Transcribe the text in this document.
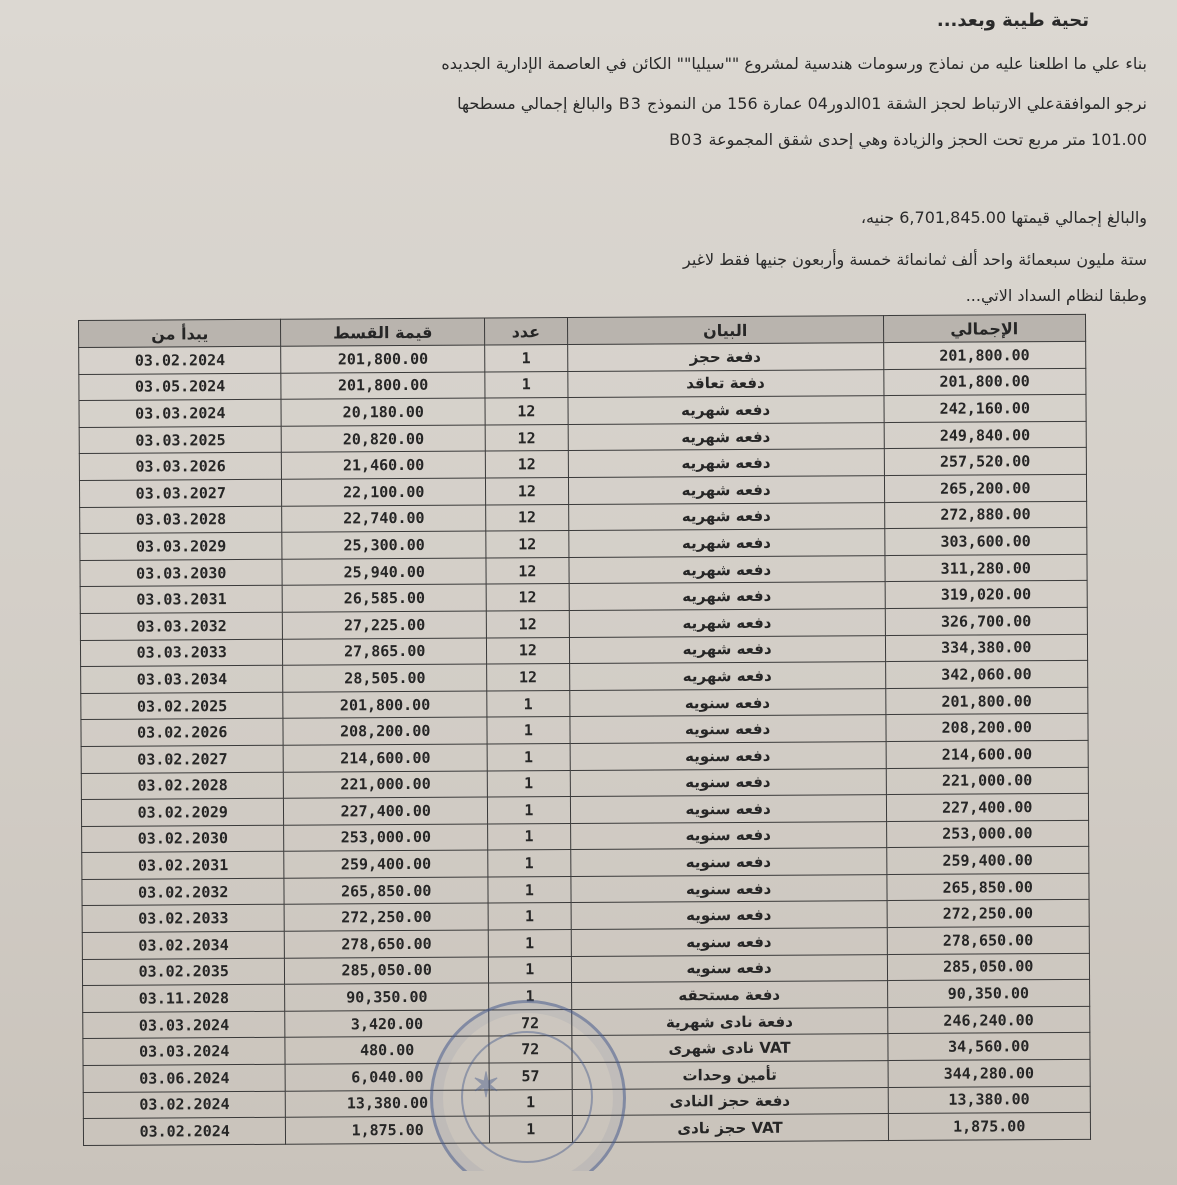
تحية طيبة وبعد...
بناء علي ما اطلعنا عليه من نماذج ورسومات هندسية لمشروع ""سيليا"" الكائن في العاصمة الإدارية الجديده
نرجو الموافقةعلي الارتباط لحجز الشقة 01الدور04 عمارة 156 من النموذج B3 والبالغ إجمالي مسطحها
101.00 متر مربع تحت الحجز والزيادة وهي إحدى شقق المجموعة B03
والبالغ إجمالي قيمتها 6,701,845.00 جنيه،
ستة مليون سبعمائة واحد ألف ثمانمائة خمسة وأربعون جنيها فقط لاغير
وطبقا لنظام السداد الاتي...
يبدأ من	قيمة القسط	عدد	البيان	الإجمالي
03.02.2024	201,800.00	1	دفعة حجز	201,800.00
03.05.2024	201,800.00	1	دفعة تعاقد	201,800.00
03.03.2024	20,180.00	12	دفعه شهريه	242,160.00
03.03.2025	20,820.00	12	دفعه شهريه	249,840.00
03.03.2026	21,460.00	12	دفعه شهريه	257,520.00
03.03.2027	22,100.00	12	دفعه شهريه	265,200.00
03.03.2028	22,740.00	12	دفعه شهريه	272,880.00
03.03.2029	25,300.00	12	دفعه شهريه	303,600.00
03.03.2030	25,940.00	12	دفعه شهريه	311,280.00
03.03.2031	26,585.00	12	دفعه شهريه	319,020.00
03.03.2032	27,225.00	12	دفعه شهريه	326,700.00
03.03.2033	27,865.00	12	دفعه شهريه	334,380.00
03.03.2034	28,505.00	12	دفعه شهريه	342,060.00
03.02.2025	201,800.00	1	دفعه سنويه	201,800.00
03.02.2026	208,200.00	1	دفعه سنويه	208,200.00
03.02.2027	214,600.00	1	دفعه سنويه	214,600.00
03.02.2028	221,000.00	1	دفعه سنويه	221,000.00
03.02.2029	227,400.00	1	دفعه سنويه	227,400.00
03.02.2030	253,000.00	1	دفعه سنويه	253,000.00
03.02.2031	259,400.00	1	دفعه سنويه	259,400.00
03.02.2032	265,850.00	1	دفعه سنويه	265,850.00
03.02.2033	272,250.00	1	دفعه سنويه	272,250.00
03.02.2034	278,650.00	1	دفعه سنويه	278,650.00
03.02.2035	285,050.00	1	دفعه سنويه	285,050.00
03.11.2028	90,350.00	1	دفعة مستحقه	90,350.00
03.03.2024	3,420.00	72	دفعة نادى شهرية	246,240.00
03.03.2024	480.00	72	VAT نادى شهرى	34,560.00
03.06.2024	6,040.00	57	تأمين وحدات	344,280.00
03.02.2024	13,380.00	1	دفعة حجز النادى	13,380.00
03.02.2024	1,875.00	1	VAT حجز نادى	1,875.00
✶
